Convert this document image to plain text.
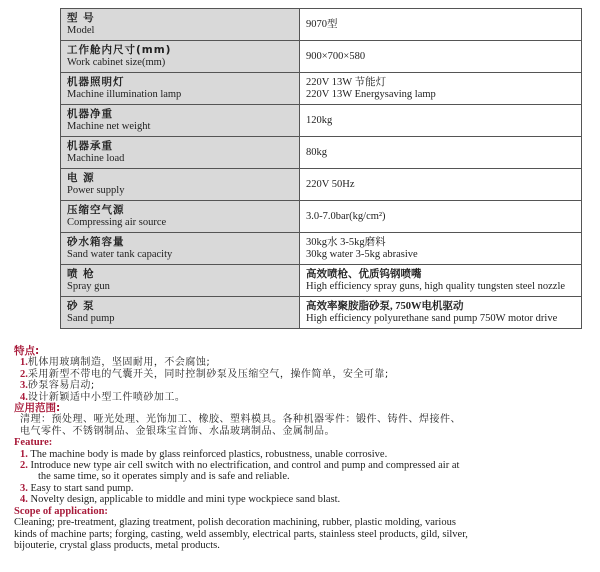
型 号
Model	9070型

工作舱内尺寸(mm)
Work cabinet size(mm)	900×700×580

机器照明灯
Machine illumination lamp	220V 13W 节能灯
220V 13W Energysaving lamp

机器净重
Machine net weight	120kg

机器承重
Machine load	80kg

电 源
Power supply	220V 50Hz

压缩空气源
Compressing air source	3.0-7.0bar(kg/cm²)

砂水箱容量
Sand water tank capacity	30kg水 3-5kg磨料
30kg water 3-5kg abrasive

喷 枪
Spray gun	高效喷枪、优质钨钢喷嘴
High efficiency spray guns, high quality tungsten steel nozzle

砂 泵
Sand pump	高效率聚胺脂砂泵, 750W电机驱动
High efficiency polyurethane sand pump 750W motor drive
特点:
1.机体用玻璃制造，坚固耐用，不会腐蚀;
2.采用新型不带电的气囊开关，同时控制砂泵及压缩空气，操作简单，安全可靠;
3.砂泵容易启动;
4.设计新颖适中小型工件喷砂加工。
应用范围:
清理：预处理、哑光处理、光饰加工、橡胶、塑料模具。各种机器零件：锻件、铸件、焊接件、
电气零件、不锈钢制品、金银珠宝首饰、水晶玻璃制品、金属制品。
Feature:
1. The machine body is made by glass reinforced plastics, robustness, unable corrosive.
2. Introduce new type air cell switch with no electrification, and control and pump and compressed air at
the same time, so it operates simply and is safe and reliable.
3. Easy to start sand pump.
4. Novelty design, applicable to middle and mini type wockpiece sand blast.
Scope of application:
Cleaning; pre-treatment, glazing treatment, polish decoration machining, rubber, plastic molding, various
kinds of machine parts; forging, casting, weld assembly, electrical parts, stainless steel products, gild, silver,
bijouterie, crystal glass products, metal products.
